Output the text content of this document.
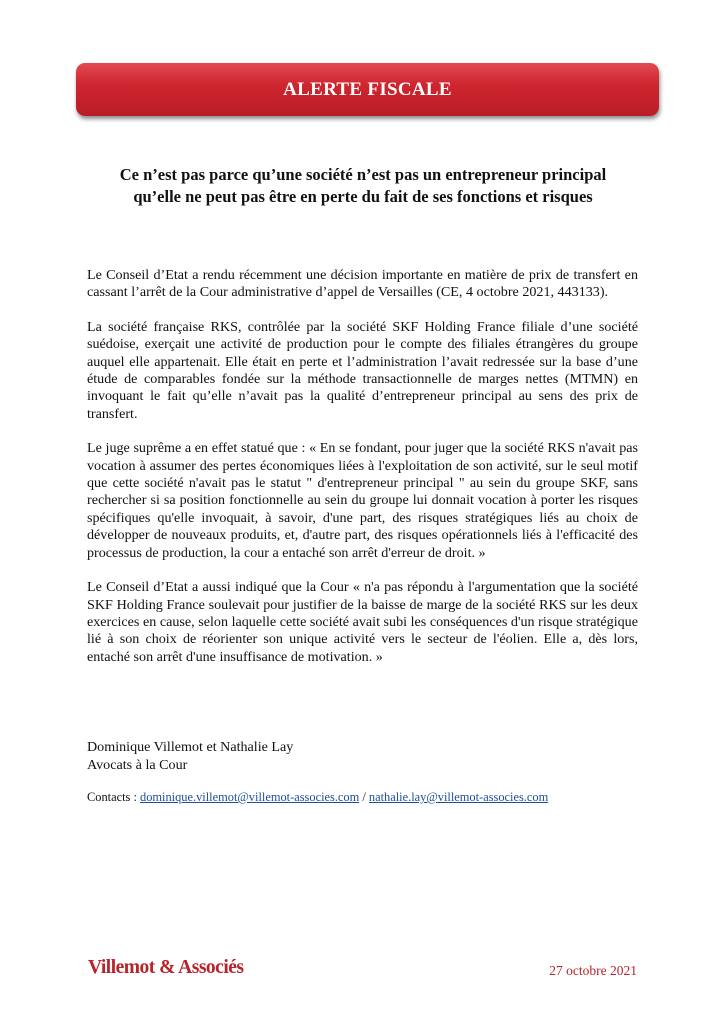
ALERTE FISCALE
Ce n’est pas parce qu’une société n’est pas un entrepreneur principal
qu’elle ne peut pas être en perte du fait de ses fonctions et risques

Le Conseil d’Etat a rendu récemment une décision importante en matière de prix de transfert en cassant l’arrêt de la Cour administrative d’appel de Versailles (CE, 4 octobre 2021, 443133).

La société française RKS, contrôlée par la société SKF Holding France filiale d’une société suédoise, exerçait une activité de production pour le compte des filiales étrangères du groupe auquel elle appartenait. Elle était en perte et l’administration l’avait redressée sur la base d’une étude de comparables fondée sur la méthode transactionnelle de marges nettes (MTMN) en invoquant le fait qu’elle n’avait pas la qualité d’entrepreneur principal au sens des prix de transfert.

Le juge suprême a en effet statué que : « En se fondant, pour juger que la société RKS n'avait pas vocation à assumer des pertes économiques liées à l'exploitation de son activité, sur le seul motif que cette société n'avait pas le statut " d'entrepreneur principal " au sein du groupe SKF, sans rechercher si sa position fonctionnelle au sein du groupe lui donnait vocation à porter les risques spécifiques qu'elle invoquait, à savoir, d'une part, des risques stratégiques liés au choix de développer de nouveaux produits, et, d'autre part, des risques opérationnels liés à l'efficacité des processus de production, la cour a entaché son arrêt d'erreur de droit. »

Le Conseil d’Etat a aussi indiqué que la Cour « n'a pas répondu à l'argumentation que la société SKF Holding France soulevait pour justifier de la baisse de marge de la société RKS sur les deux exercices en cause, selon laquelle cette société avait subi les conséquences d'un risque stratégique lié à son choix de réorienter son unique activité vers le secteur de l'éolien. Elle a, dès lors, entaché son arrêt d'une insuffisance de motivation. »

Dominique Villemot et Nathalie Lay
Avocats à la Cour
Contacts : dominique.villemot@villemot-associes.com / nathalie.lay@villemot-associes.com
Villemot & Associés	27 octobre 2021
